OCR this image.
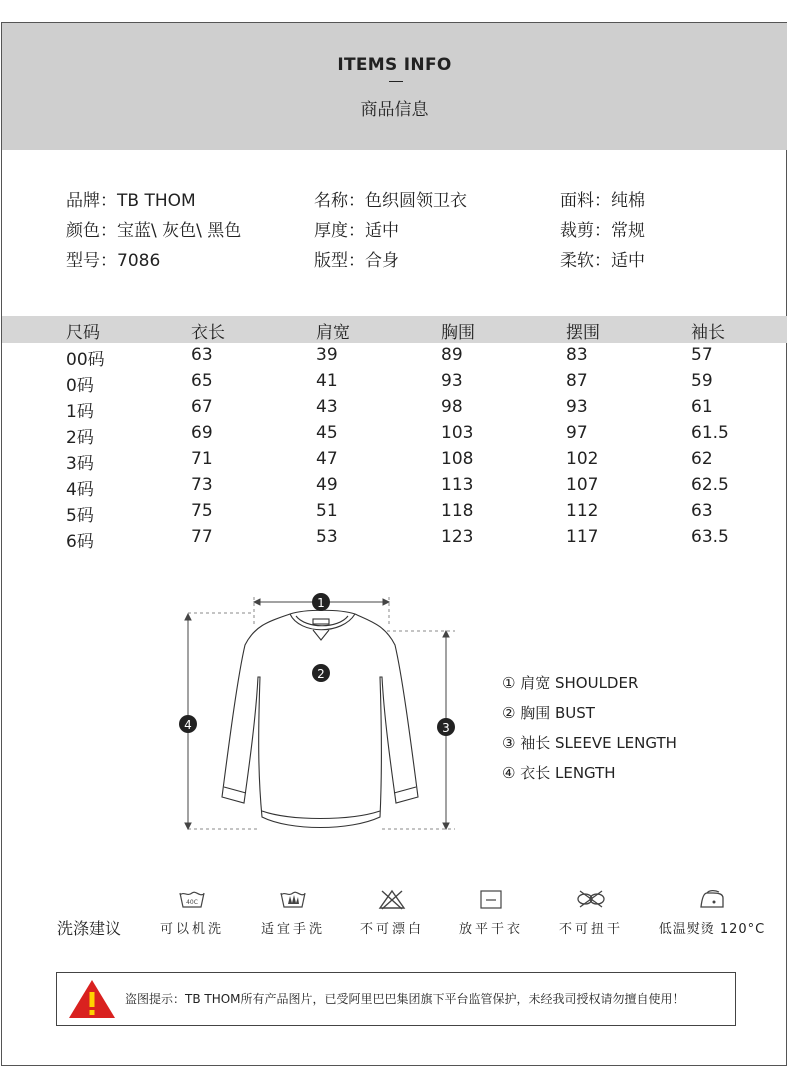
ITEMS INFO
商品信息
品牌：TB THOM	名称：色织圆领卫衣	面料：纯棉
颜色：宝蓝\ 灰色\ 黑色	厚度：适中	裁剪：常规
型号：7086	版型：合身	柔软：适中
尺码	衣长	肩宽	胸围	摆围	袖长
00码	63	39	89	83	57
0码	65	41	93	87	59
1码	67	43	98	93	61
2码	69	45	103	97	61.5
3码	71	47	108	102	62
4码	73	49	113	107	62.5
5码	75	51	118	112	63
6码	77	53	123	117	63.5
1
2
3
4
① 肩宽 SHOULDER
② 胸围 BUST
③ 袖长 SLEEVE LENGTH
④ 衣长 LENGTH
洗涤建议
40C
可以机洗	适宜手洗	不可漂白	放平干衣	不可扭干	低温熨烫 120°C
盗图提示：TB THOM所有产品图片，已受阿里巴巴集团旗下平台监管保护，未经我司授权请勿擅自使用！
